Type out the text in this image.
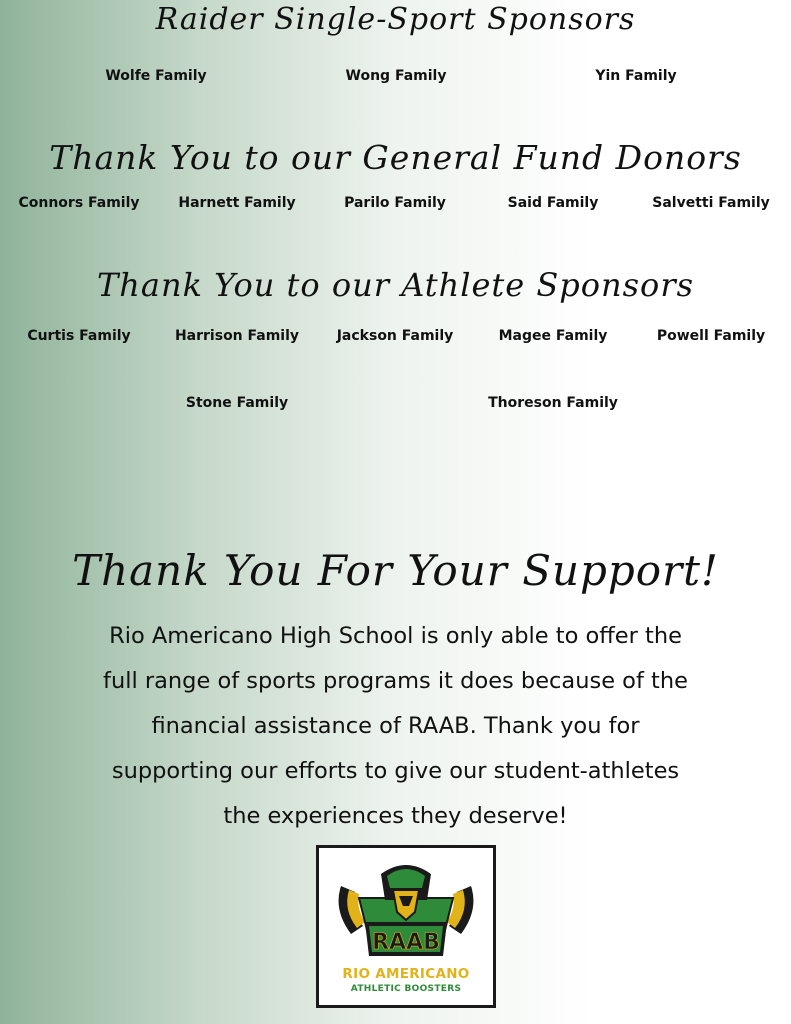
Raider Single-Sport Sponsors
Wolfe Family	Wong Family	Yin Family
Thank You to our General Fund Donors
Connors Family	Harnett Family	Parilo Family	Said Family	Salvetti Family
Thank You to our Athlete Sponsors
Curtis Family	Harrison Family	Jackson Family	Magee Family	Powell Family
Stone Family	Thoreson Family
Thank You For Your Support!
Rio Americano High School is only able to offer the
full range of sports programs it does because of the
financial assistance of RAAB. Thank you for
supporting our efforts to give our student-athletes
the experiences they deserve!
RAAB
RIO AMERICANO
ATHLETIC BOOSTERS
